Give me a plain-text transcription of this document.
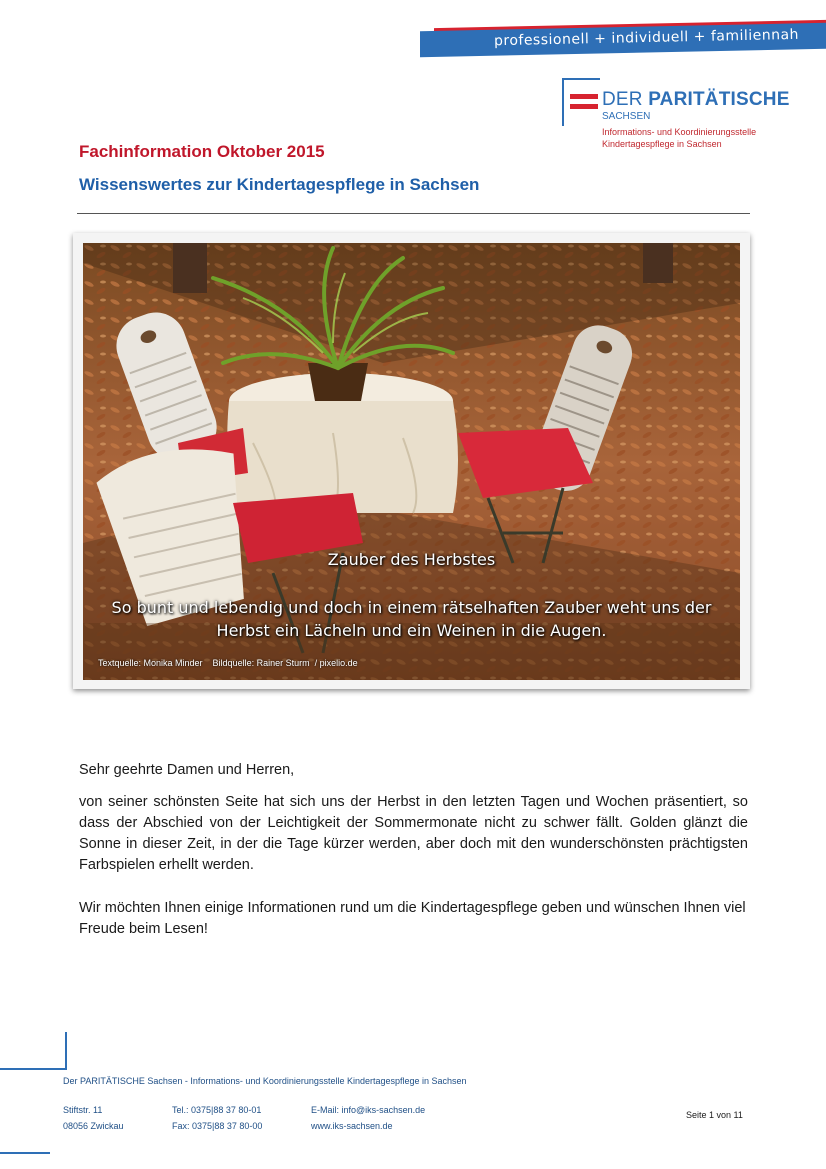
professionell + individuell + familiennah
DER PARITÄTISCHE
SACHSEN
Informations- und Koordinierungsstelle
Kindertagespflege in Sachsen
Fachinformation Oktober 2015
Wissenswertes zur Kindertagespflege in Sachsen
Zauber des Herbstes
So bunt und lebendig und doch in einem rätselhaften Zauber weht uns der Herbst ein Lächeln und ein Weinen in die Augen.
Textquelle: Monika Minder    Bildquelle: Rainer Sturm  / pixelio.de
Sehr geehrte Damen und Herren,
von seiner schönsten Seite hat sich uns der Herbst in den letzten Tagen und Wochen präsentiert, so dass der Abschied von der Leichtigkeit der Sommermonate nicht zu schwer fällt. Golden glänzt die Sonne in dieser Zeit, in der die Tage kürzer werden, aber doch mit den wunderschönsten prächtigsten Farbspielen erhellt werden.
Wir möchten Ihnen einige Informationen rund um die Kindertagespflege geben und wünschen Ihnen viel Freude beim Lesen!
Der PARITÄTISCHE Sachsen - Informations- und Koordinierungsstelle Kindertagespflege in Sachsen
Stiftstr. 11
08056 Zwickau
Tel.: 0375|88 37 80-01
Fax: 0375|88 37 80-00
E-Mail: info@iks-sachsen.de
www.iks-sachsen.de
Seite 1 von 11
